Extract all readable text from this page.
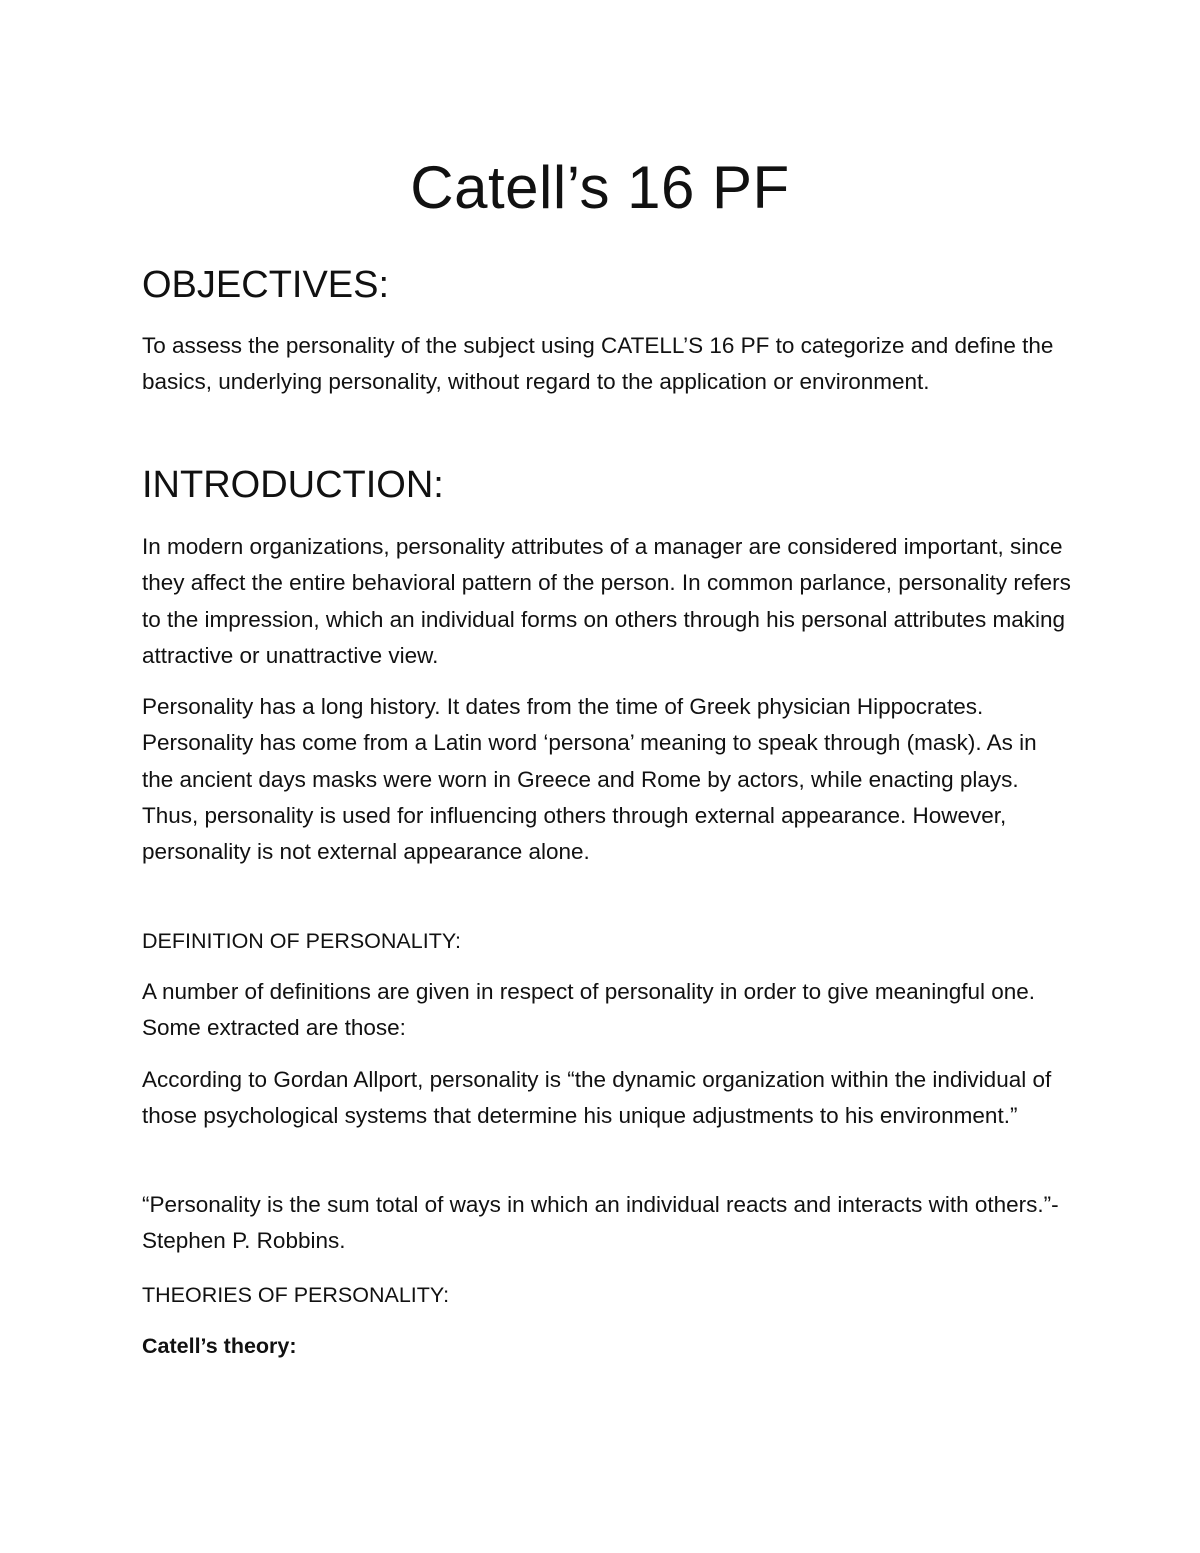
Catell’s 16 PF
OBJECTIVES:

To assess the personality of the subject using CATELL’S 16 PF to categorize and define the basics, underlying personality, without regard to the application or environment.

INTRODUCTION:

In modern organizations, personality attributes of a manager are considered important, since they affect the entire behavioral pattern of the person. In common parlance, personality refers to the impression, which an individual forms on others through his personal attributes making attractive or unattractive view.

Personality has a long history. It dates from the time of Greek physician Hippocrates. Personality has come from a Latin word ‘persona’ meaning to speak through (mask). As in the ancient days masks were worn in Greece and Rome by actors, while enacting plays. Thus, personality is used for influencing others through external appearance. However, personality is not external appearance alone.

DEFINITION OF PERSONALITY:

A number of definitions are given in respect of personality in order to give meaningful one. Some extracted are those:

According to Gordan Allport, personality is “the dynamic organization within the individual of those psychological systems that determine his unique adjustments to his environment.”

“Personality is the sum total of ways in which an individual reacts and interacts with others.”-Stephen P. Robbins.

THEORIES OF PERSONALITY:

Catell’s theory:
